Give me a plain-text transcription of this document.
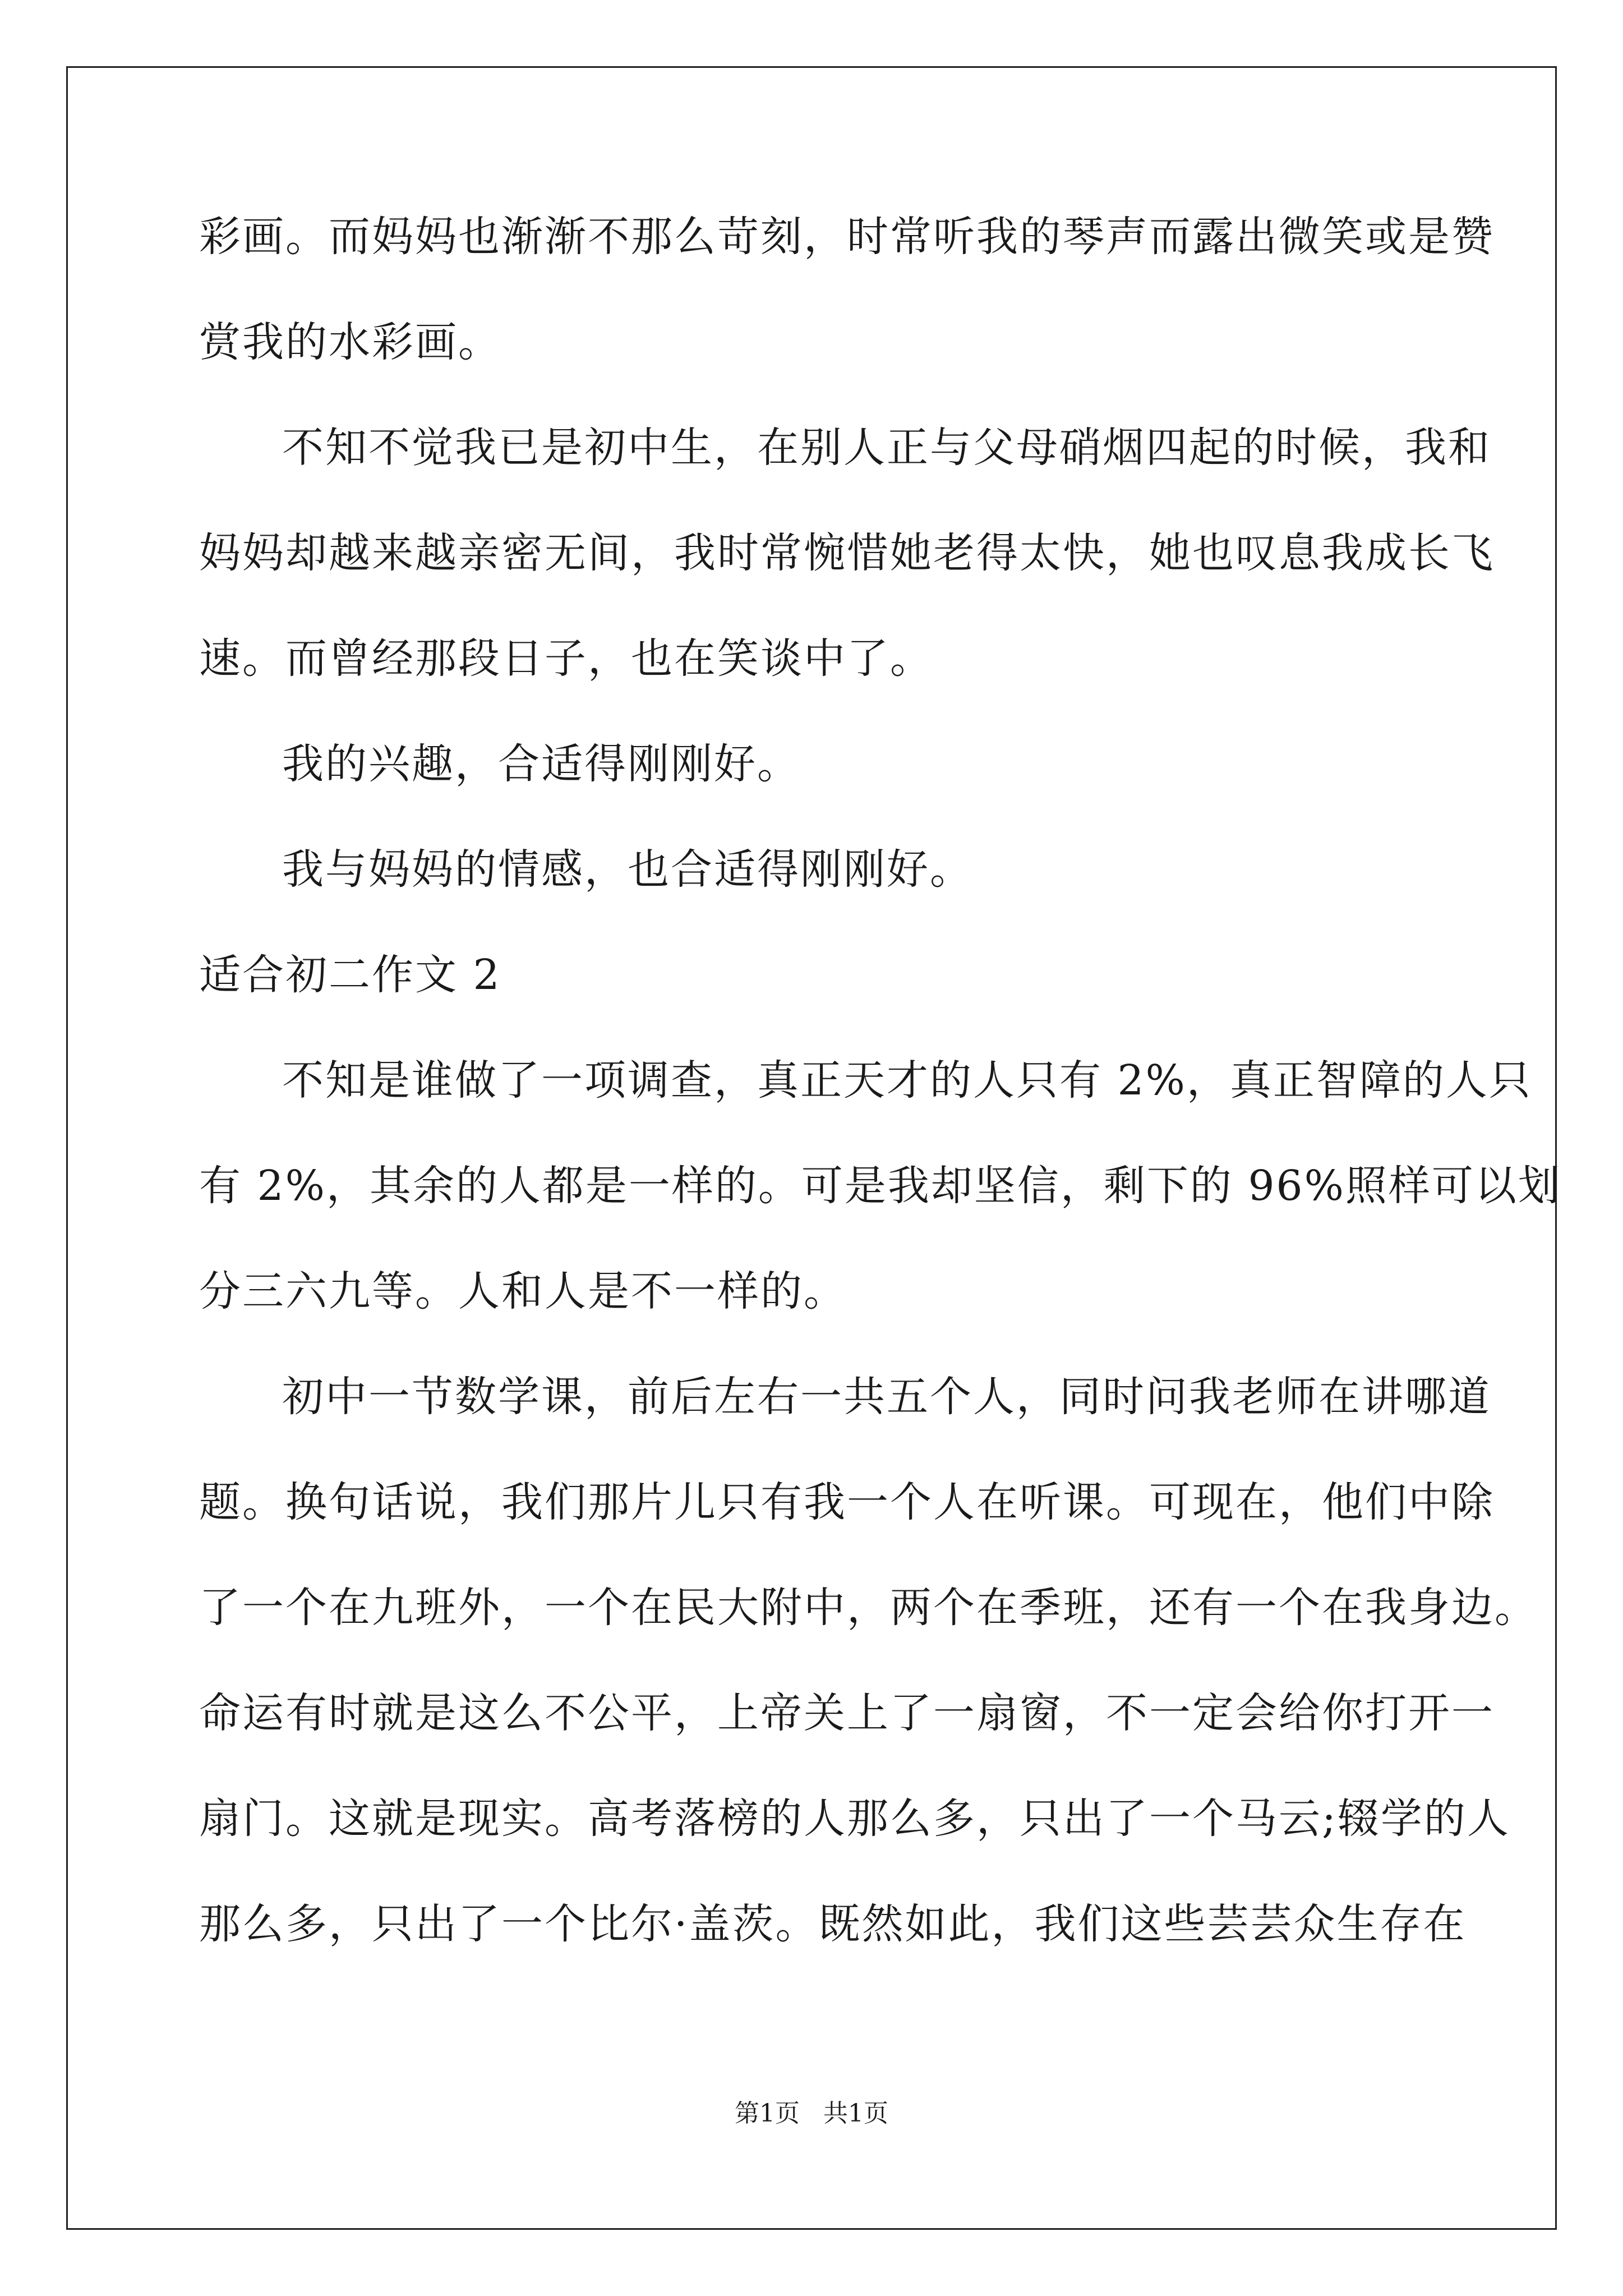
彩画。而妈妈也渐渐不那么苛刻，时常听我的琴声而露出微笑或是赞
赏我的水彩画。
不知不觉我已是初中生，在别人正与父母硝烟四起的时候，我和
妈妈却越来越亲密无间，我时常惋惜她老得太快，她也叹息我成长飞
速。而曾经那段日子，也在笑谈中了。
我的兴趣，合适得刚刚好。
我与妈妈的情感，也合适得刚刚好。
适合初二作文 2
不知是谁做了一项调查，真正天才的人只有 2%，真正智障的人只
有 2%，其余的人都是一样的。可是我却坚信，剩下的 96%照样可以划
分三六九等。人和人是不一样的。
初中一节数学课，前后左右一共五个人，同时问我老师在讲哪道
题。换句话说，我们那片儿只有我一个人在听课。可现在，他们中除
了一个在九班外，一个在民大附中，两个在季班，还有一个在我身边。
命运有时就是这么不公平，上帝关上了一扇窗，不一定会给你打开一
扇门。这就是现实。高考落榜的人那么多，只出了一个马云;辍学的人
那么多，只出了一个比尔·盖茨。既然如此，我们这些芸芸众生存在
第1页   共1页
